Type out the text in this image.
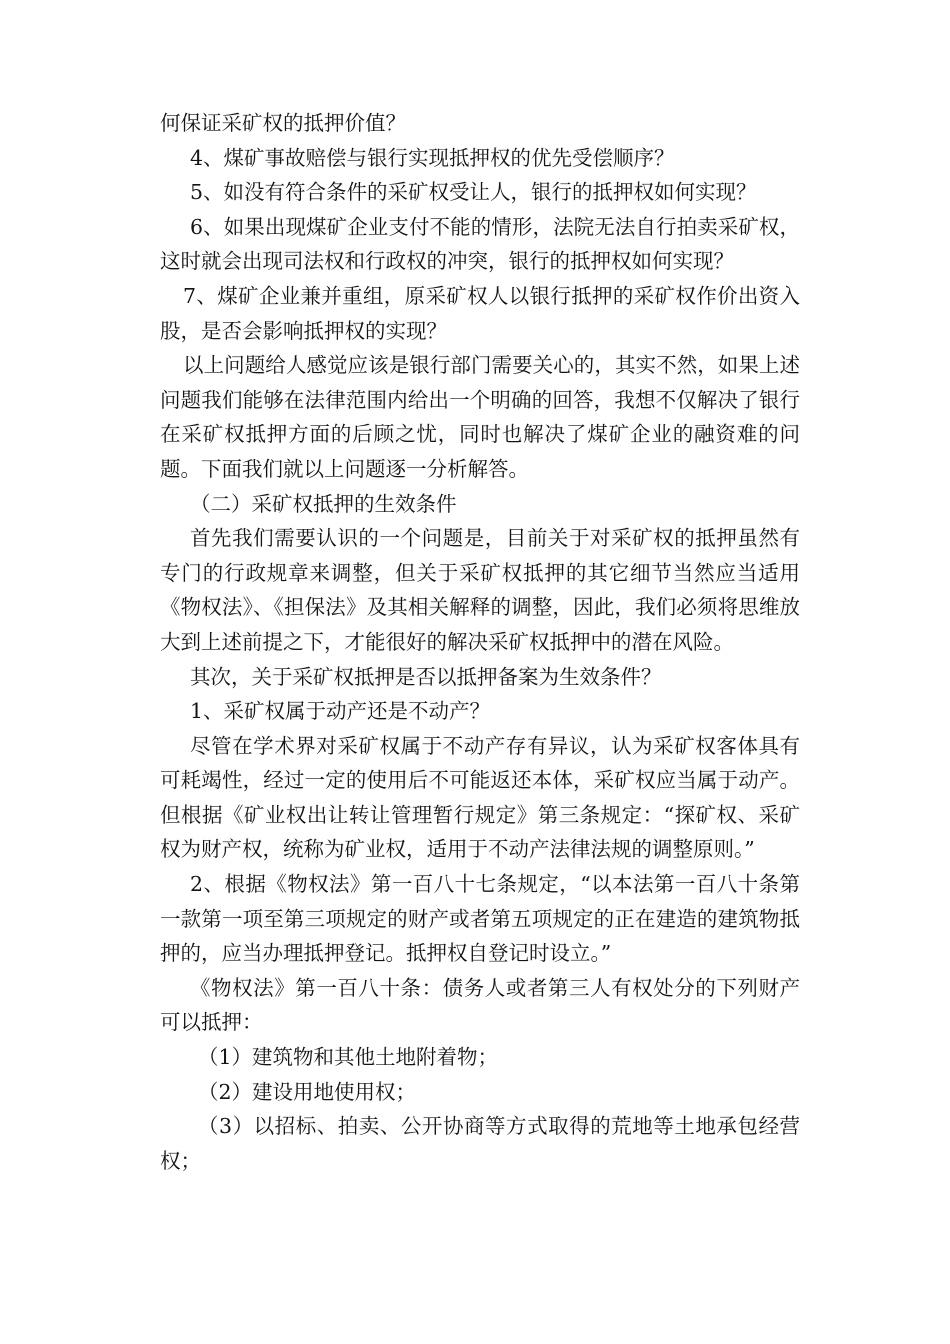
何保证采矿权的抵押价值？

4、煤矿事故赔偿与银行实现抵押权的优先受偿顺序？

5、如没有符合条件的采矿权受让人，银行的抵押权如何实现？

6、如果出现煤矿企业支付不能的情形，法院无法自行拍卖采矿权，这时就会出现司法权和行政权的冲突，银行的抵押权如何实现？

7、煤矿企业兼并重组，原采矿权人以银行抵押的采矿权作价出资入股，是否会影响抵押权的实现？

以上问题给人感觉应该是银行部门需要关心的，其实不然，如果上述问题我们能够在法律范围内给出一个明确的回答，我想不仅解决了银行在采矿权抵押方面的后顾之忧，同时也解决了煤矿企业的融资难的问题。下面我们就以上问题逐一分析解答。

（二）采矿权抵押的生效条件

首先我们需要认识的一个问题是，目前关于对采矿权的抵押虽然有专门的行政规章来调整，但关于采矿权抵押的其它细节当然应当适用《物权法》、《担保法》及其相关解释的调整，因此，我们必须将思维放大到上述前提之下，才能很好的解决采矿权抵押中的潜在风险。

其次，关于采矿权抵押是否以抵押备案为生效条件？

1、采矿权属于动产还是不动产？

尽管在学术界对采矿权属于不动产存有异议，认为采矿权客体具有可耗竭性，经过一定的使用后不可能返还本体，采矿权应当属于动产。但根据《矿业权出让转让管理暂行规定》第三条规定：“探矿权、采矿权为财产权，统称为矿业权，适用于不动产法律法规的调整原则。”

2、根据《物权法》第一百八十七条规定，“以本法第一百八十条第一款第一项至第三项规定的财产或者第五项规定的正在建造的建筑物抵押的，应当办理抵押登记。抵押权自登记时设立。”

《物权法》第一百八十条：债务人或者第三人有权处分的下列财产可以抵押：

（1）建筑物和其他土地附着物；

（2）建设用地使用权；

（3）以招标、拍卖、公开协商等方式取得的荒地等土地承包经营权；
